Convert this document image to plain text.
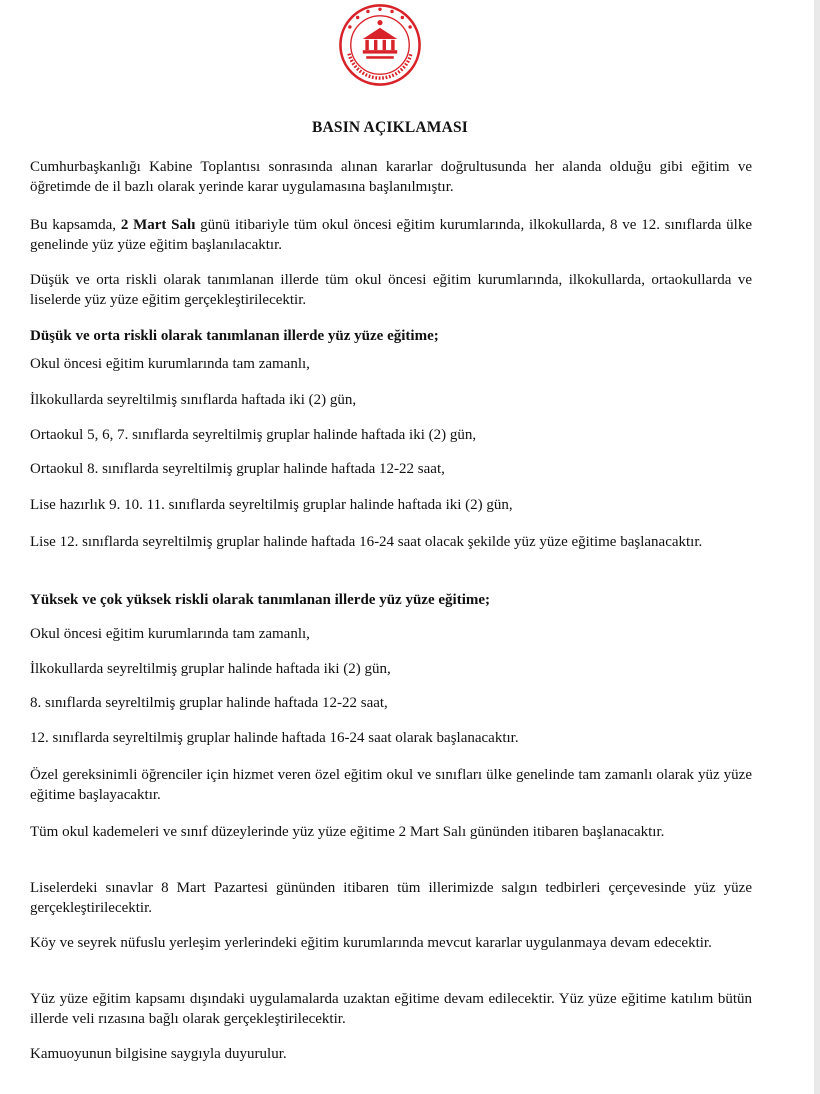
BASIN AÇIKLAMASI
Cumhurbaşkanlığı Kabine Toplantısı sonrasında alınan kararlar doğrultusunda her alanda olduğu gibi eğitim ve öğretimde de il bazlı olarak yerinde karar uygulamasına başlanılmıştır.
Bu kapsamda, 2 Mart Salı günü itibariyle tüm okul öncesi eğitim kurumlarında, ilkokullarda, 8 ve 12. sınıflarda ülke genelinde yüz yüze eğitim başlanılacaktır.
Düşük ve orta riskli olarak tanımlanan illerde tüm okul öncesi eğitim kurumlarında, ilkokullarda, ortaokullarda ve liselerde yüz yüze eğitim gerçekleştirilecektir.
Düşük ve orta riskli olarak tanımlanan illerde yüz yüze eğitime;
Okul öncesi eğitim kurumlarında tam zamanlı,
İlkokullarda seyreltilmiş sınıflarda haftada iki (2) gün,
Ortaokul 5, 6, 7. sınıflarda seyreltilmiş gruplar halinde haftada iki (2) gün,
Ortaokul 8. sınıflarda seyreltilmiş gruplar halinde haftada 12-22 saat,
Lise hazırlık 9. 10. 11. sınıflarda seyreltilmiş gruplar halinde haftada iki (2) gün,
Lise 12. sınıflarda seyreltilmiş gruplar halinde haftada 16-24 saat olacak şekilde yüz yüze eğitime başlanacaktır.
Yüksek ve çok yüksek riskli olarak tanımlanan illerde yüz yüze eğitime;
Okul öncesi eğitim kurumlarında tam zamanlı,
İlkokullarda seyreltilmiş gruplar halinde haftada iki (2) gün,
8. sınıflarda seyreltilmiş gruplar halinde haftada 12-22 saat,
12. sınıflarda seyreltilmiş gruplar halinde haftada 16-24 saat olarak başlanacaktır.
Özel gereksinimli öğrenciler için hizmet veren özel eğitim okul ve sınıfları ülke genelinde tam zamanlı olarak yüz yüze eğitime başlayacaktır.
Tüm okul kademeleri ve sınıf düzeylerinde yüz yüze eğitime 2 Mart Salı gününden itibaren başlanacaktır.
Liselerdeki sınavlar 8 Mart Pazartesi gününden itibaren tüm illerimizde salgın tedbirleri çerçevesinde yüz yüze gerçekleştirilecektir.
Köy ve seyrek nüfuslu yerleşim yerlerindeki eğitim kurumlarında mevcut kararlar uygulanmaya devam edecektir.
Yüz yüze eğitim kapsamı dışındaki uygulamalarda uzaktan eğitime devam edilecektir. Yüz yüze eğitime katılım bütün illerde veli rızasına bağlı olarak gerçekleştirilecektir.
Kamuoyunun bilgisine saygıyla duyurulur.
